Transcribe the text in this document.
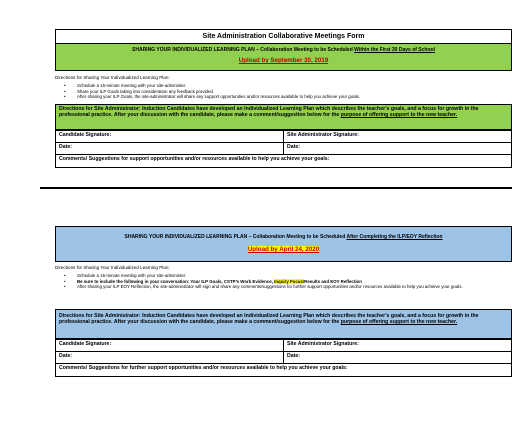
Site Administration Collaborative Meetings Form
SHARING YOUR INDIVIDUALIZED LEARNING PLAN – Collaboration Meeting to be Scheduled Within the First 30 Days of School
Upload by September 30, 2019
Directions for Sharing Your Individualized Learning Plan:
• Schedule a 15-minute meeting with your site-administer.
• Share your ILP Goals taking into consideration any feedback provided.
• After sharing your ILP Goals, the site-administrator will share any support opportunities and/or resources available to help you achieve your goals.
Directions for Site Administrator: Induction Candidates have developed an Individualized Learning Plan which describes the teacher’s goals, and a focus for growth in the professional practice. After your discussion with the candidate, please make a comment/suggestion below for the purpose of offering support to the new teacher.
Candidate Signature:	Site Administrator Signature:
Date:	Date:
Comments/ Suggestions for support opportunities and/or resources available to help you achieve your goals:	
SHARING YOUR INDIVIDUALIZED LEARNING PLAN – Collaboration Meeting to be Scheduled After Completing the ILP/EOY Reflection
Upload by April 24, 2020
Directions for Sharing Your Individualized Learning Plan:
• Schedule a 15-minute meeting with your site-administer.
• Be sure to include the following in your conversation: Your ILP Goals, CSTP’s Work Evidence, Inquiry Focus/Results and EOY Reflection
• After sharing your ILP EOY Reflection, the site-administrator will sign and share any comments/suggestions for further support opportunities and/or resources available to help you achieve your goals.
Directions for Site Administrator: Induction Candidates have developed an Individualized Learning Plan which describes the teacher’s goals, and a focus for growth in the professional practice. After your discussion with the candidate, please make a comment/suggestion below for the purpose of offering support to the new teacher.
Candidate Signature:	Site Administrator Signature:
Date:	Date:
Comments/ Suggestions for further support opportunities and/or resources available to help you achieve your goals:	
